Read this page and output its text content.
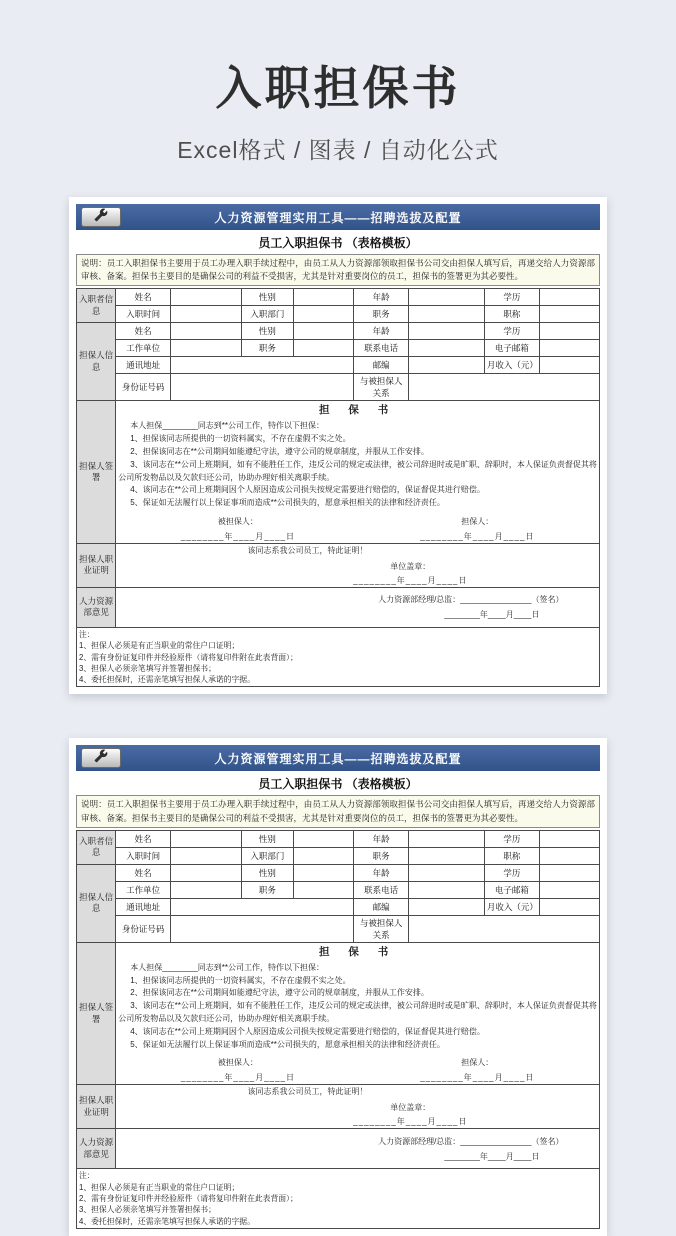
入职担保书
Excel格式 / 图表 / 自动化公式
人力资源管理实用工具——招聘选拔及配置
员工入职担保书 （表格模板）
说明：员工入职担保书主要用于员工办理入职手续过程中，由员工从人力资源部领取担保书公司交由担保人填写后，再递交给人力资源部审核、备案。担保书主要目的是确保公司的利益不受损害，尤其是针对重要岗位的员工，担保书的签署更为其必要性。
入职者信息	姓名		性别		年龄		学历	
	入职时间		入职部门		职务		职称	
担保人信息	姓名		性别		年龄		学历	
	工作单位		职务		联系电话		电子邮箱	
	通讯地址				邮编		月收入（元）	
	身份证号码				与被担保人关系			
担保人签署	
担 保 书
本人担保________同志到**公司工作，特作以下担保：
1、担保该同志所提供的一切资料属实，不存在虚假不实之处。
2、担保该同志在**公司期间如能遵纪守法，遵守公司的规章制度，并服从工作安排。
3、该同志在**公司上班期间，如有不能胜任工作，违反公司的规定或法律，被公司辞退时或是旷职、辞职时，本人保证负责督促其将公司所发物品以及欠款归还公司，协助办理好相关离职手续。
4、该同志在**公司上班期间因个人原因造成公司损失按规定需要进行赔偿的，保证督促其进行赔偿。
5、保证如无法履行以上保证事项而造成**公司损失的，愿意承担相关的法律和经济责任。
被担保人：
________年____月____日
担保人：
________年____月____日

担保人职业证明	该同志系我公司员工，特此证明！
单位盖章：
________年____月____日							

人力资源部意见	人力资源部经理/总监：________________（签名）
________年____月____日							

注：
1、担保人必须是有正当职业的常住户口证明；
2、需有身份证复印件并经验原件（请将复印件附在此表背面）；
3、担保人必须亲笔填写并签署担保书；
4、委托担保时，还需亲笔填写担保人承诺的字据。								
人力资源管理实用工具——招聘选拔及配置
员工入职担保书 （表格模板）
说明：员工入职担保书主要用于员工办理入职手续过程中，由员工从人力资源部领取担保书公司交由担保人填写后，再递交给人力资源部审核、备案。担保书主要目的是确保公司的利益不受损害，尤其是针对重要岗位的员工，担保书的签署更为其必要性。
入职者信息	姓名		性别		年龄		学历	
	入职时间		入职部门		职务		职称	
担保人信息	姓名		性别		年龄		学历	
	工作单位		职务		联系电话		电子邮箱	
	通讯地址				邮编		月收入（元）	
	身份证号码				与被担保人关系			
担保人签署	
担 保 书
本人担保________同志到**公司工作，特作以下担保：
1、担保该同志所提供的一切资料属实，不存在虚假不实之处。
2、担保该同志在**公司期间如能遵纪守法，遵守公司的规章制度，并服从工作安排。
3、该同志在**公司上班期间，如有不能胜任工作，违反公司的规定或法律，被公司辞退时或是旷职、辞职时，本人保证负责督促其将公司所发物品以及欠款归还公司，协助办理好相关离职手续。
4、该同志在**公司上班期间因个人原因造成公司损失按规定需要进行赔偿的，保证督促其进行赔偿。
5、保证如无法履行以上保证事项而造成**公司损失的，愿意承担相关的法律和经济责任。
被担保人：
________年____月____日
担保人：
________年____月____日

担保人职业证明	该同志系我公司员工，特此证明！
单位盖章：
________年____月____日							

人力资源部意见	人力资源部经理/总监：________________（签名）
________年____月____日							

注：
1、担保人必须是有正当职业的常住户口证明；
2、需有身份证复印件并经验原件（请将复印件附在此表背面）；
3、担保人必须亲笔填写并签署担保书；
4、委托担保时，还需亲笔填写担保人承诺的字据。								
